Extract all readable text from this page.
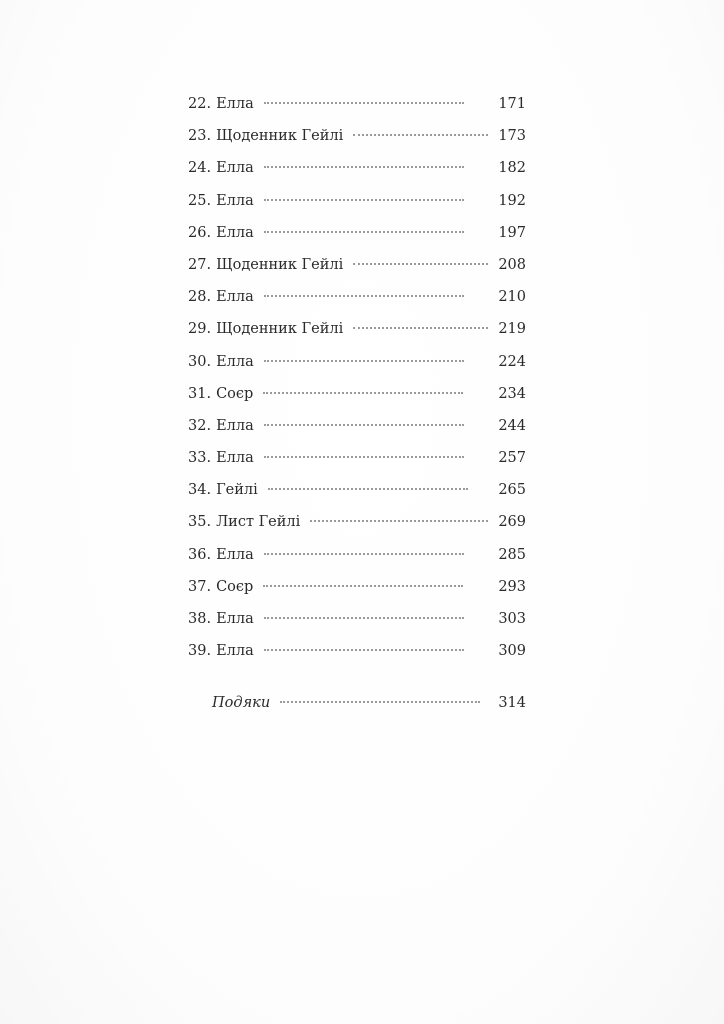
22. Елла	171
23. Щоденник Гейлі	173
24. Елла	182
25. Елла	192
26. Елла	197
27. Щоденник Гейлі	208
28. Елла	210
29. Щоденник Гейлі	219
30. Елла	224
31. Соєр	234
32. Елла	244
33. Елла	257
34. Гейлі	265
35. Лист Гейлі	269
36. Елла	285
37. Соєр	293
38. Елла	303
39. Елла	309
Подяки	314
